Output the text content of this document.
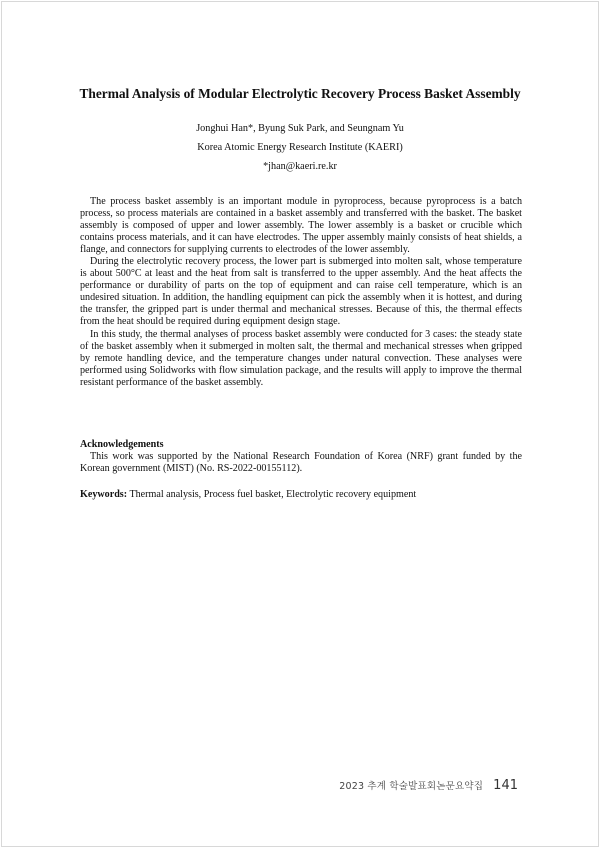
Thermal Analysis of Modular Electrolytic Recovery Process Basket Assembly
Jonghui Han*, Byung Suk Park, and Seungnam Yu
Korea Atomic Energy Research Institute (KAERI)
*jhan@kaeri.re.kr

The process basket assembly is an important module in pyroprocess, because pyroprocess is a batch process, so process materials are contained in a basket assembly and transferred with the basket. The basket assembly is composed of upper and lower assembly. The lower assembly is a basket or crucible which contains process materials, and it can have electrodes. The upper assembly mainly consists of heat shields, a flange, and connectors for supplying currents to electrodes of the lower assembly.

During the electrolytic recovery process, the lower part is submerged into molten salt, whose temperature is about 500°C at least and the heat from salt is transferred to the upper assembly. And the heat affects the performance or durability of parts on the top of equipment and can raise cell temperature, which is an undesired situation. In addition, the handling equipment can pick the assembly when it is hottest, and during the transfer, the gripped part is under thermal and mechanical stresses. Because of this, the thermal effects from the heat should be required during equipment design stage.

In this study, the thermal analyses of process basket assembly were conducted for 3 cases: the steady state of the basket assembly when it submerged in molten salt, the thermal and mechanical stresses when gripped by remote handling device, and the temperature changes under natural convection. These analyses were performed using Solidworks with flow simulation package, and the results will apply to improve the thermal resistant performance of the basket assembly.

Acknowledgements

This work was supported by the National Research Foundation of Korea (NRF) grant funded by the Korean government (MIST) (No. RS-2022-00155112).

Keywords: Thermal analysis, Process fuel basket, Electrolytic recovery equipment
2023 추계 학술발표회논문요약집 141
